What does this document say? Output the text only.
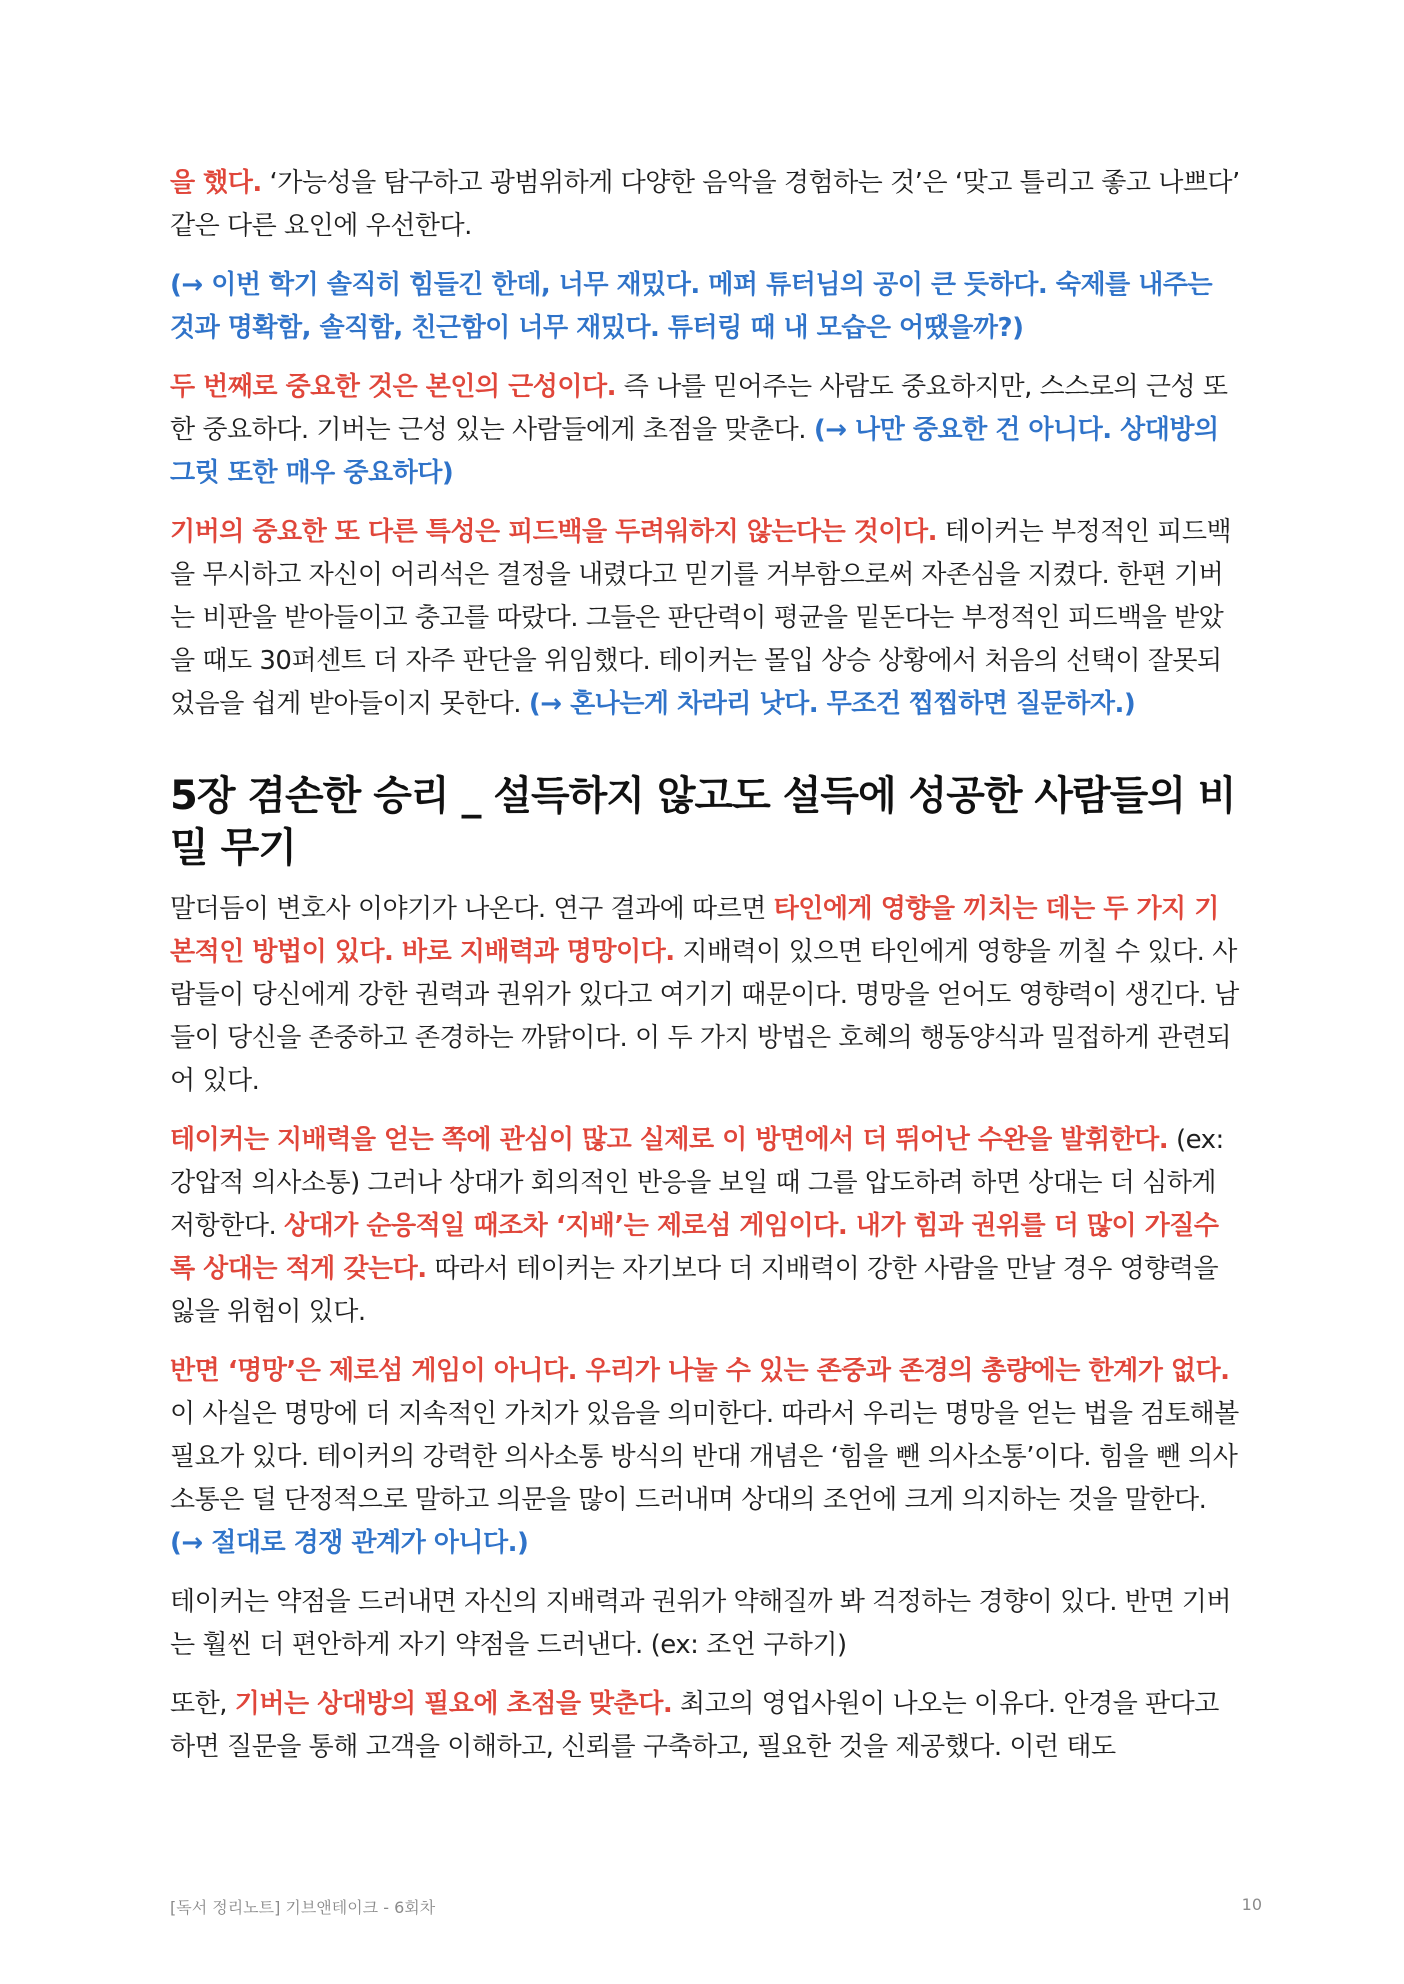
을 했다. ‘가능성을 탐구하고 광범위하게 다양한 음악을 경험하는 것’은 ‘맞고 틀리고 좋고 나쁘다’ 같은 다른 요인에 우선한다.

(→ 이번 학기 솔직히 힘들긴 한데, 너무 재밌다. 메퍼 튜터님의 공이 큰 듯하다. 숙제를 내주는 것과 명확함, 솔직함, 친근함이 너무 재밌다. 튜터링 때 내 모습은 어땠을까?)

두 번째로 중요한 것은 본인의 근성이다. 즉 나를 믿어주는 사람도 중요하지만, 스스로의 근성 또한 중요하다. 기버는 근성 있는 사람들에게 초점을 맞춘다. (→ 나만 중요한 건 아니다. 상대방의 그릿 또한 매우 중요하다)

기버의 중요한 또 다른 특성은 피드백을 두려워하지 않는다는 것이다. 테이커는 부정적인 피드백을 무시하고 자신이 어리석은 결정을 내렸다고 믿기를 거부함으로써 자존심을 지켰다. 한편 기버는 비판을 받아들이고 충고를 따랐다. 그들은 판단력이 평균을 밑돈다는 부정적인 피드백을 받았을 때도 30퍼센트 더 자주 판단을 위임했다. 테이커는 몰입 상승 상황에서 처음의 선택이 잘못되었음을 쉽게 받아들이지 못한다. (→ 혼나는게 차라리 낫다. 무조건 찝찝하면 질문하자.)

5장 겸손한 승리 _ 설득하지 않고도 설득에 성공한 사람들의 비밀 무기

말더듬이 변호사 이야기가 나온다. 연구 결과에 따르면 타인에게 영향을 끼치는 데는 두 가지 기본적인 방법이 있다. 바로 지배력과 명망이다. 지배력이 있으면 타인에게 영향을 끼칠 수 있다. 사람들이 당신에게 강한 권력과 권위가 있다고 여기기 때문이다. 명망을 얻어도 영향력이 생긴다. 남들이 당신을 존중하고 존경하는 까닭이다. 이 두 가지 방법은 호혜의 행동양식과 밀접하게 관련되어 있다.

테이커는 지배력을 얻는 쪽에 관심이 많고 실제로 이 방면에서 더 뛰어난 수완을 발휘한다. (ex: 강압적 의사소통) 그러나 상대가 회의적인 반응을 보일 때 그를 압도하려 하면 상대는 더 심하게 저항한다. 상대가 순응적일 때조차 ‘지배’는 제로섬 게임이다. 내가 힘과 권위를 더 많이 가질수록 상대는 적게 갖는다. 따라서 테이커는 자기보다 더 지배력이 강한 사람을 만날 경우 영향력을 잃을 위험이 있다.

반면 ‘명망’은 제로섬 게임이 아니다. 우리가 나눌 수 있는 존중과 존경의 총량에는 한계가 없다. 이 사실은 명망에 더 지속적인 가치가 있음을 의미한다. 따라서 우리는 명망을 얻는 법을 검토해볼 필요가 있다. 테이커의 강력한 의사소통 방식의 반대 개념은 ‘힘을 뺀 의사소통’이다. 힘을 뺀 의사소통은 덜 단정적으로 말하고 의문을 많이 드러내며 상대의 조언에 크게 의지하는 것을 말한다. (→ 절대로 경쟁 관계가 아니다.)

테이커는 약점을 드러내면 자신의 지배력과 권위가 약해질까 봐 걱정하는 경향이 있다. 반면 기버는 훨씬 더 편안하게 자기 약점을 드러낸다. (ex: 조언 구하기)

또한, 기버는 상대방의 필요에 초점을 맞춘다. 최고의 영업사원이 나오는 이유다. 안경을 판다고 하면 질문을 통해 고객을 이해하고, 신뢰를 구축하고, 필요한 것을 제공했다. 이런 태도

[독서 정리노트] 기브앤테이크 - 6회차	10
